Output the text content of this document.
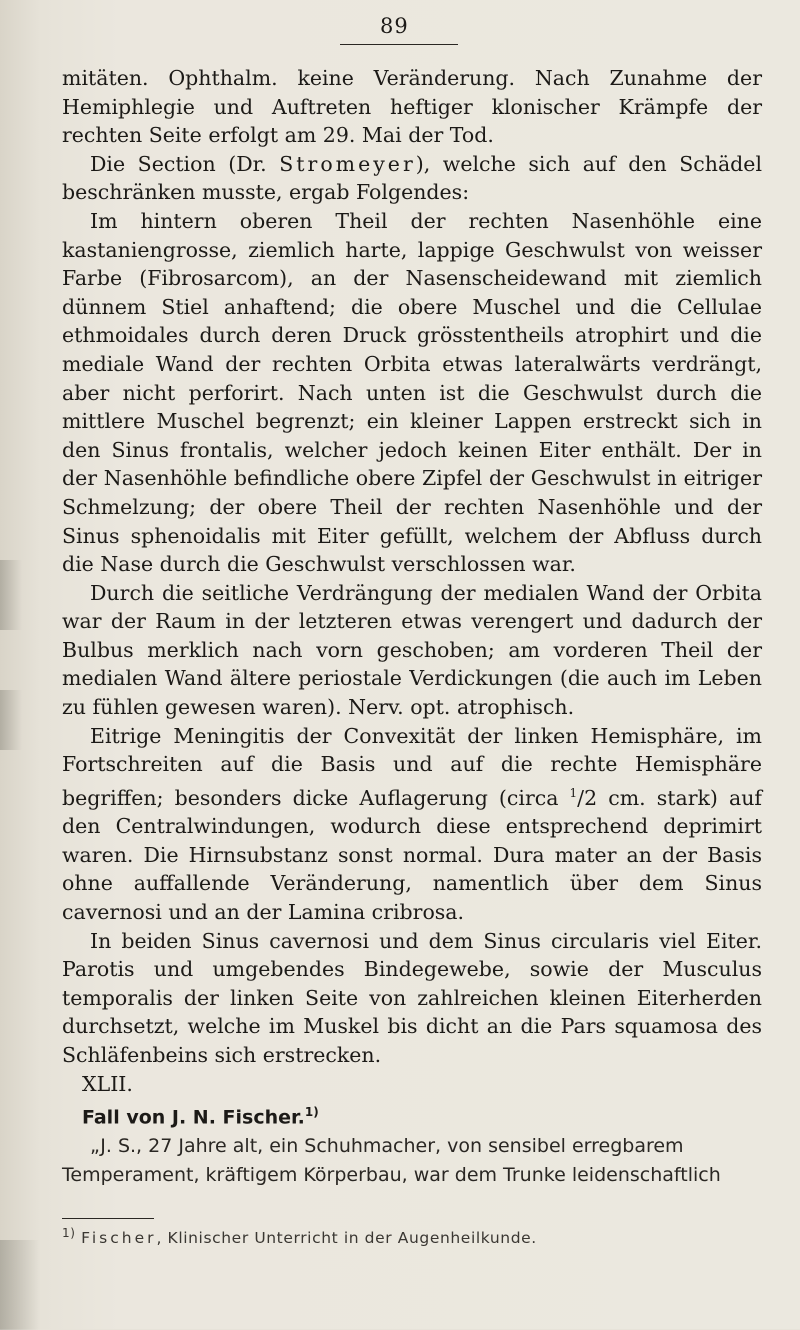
89

mitäten. Ophthalm. keine Veränderung. Nach Zunahme der Hemiphlegie und Auftreten heftiger klonischer Krämpfe der rechten Seite erfolgt am 29. Mai der Tod.

Die Section (Dr. Stromeyer), welche sich auf den Schädel beschränken musste, ergab Folgendes:

Im hintern oberen Theil der rechten Nasenhöhle eine kastaniengrosse, ziemlich harte, lappige Geschwulst von weisser Farbe (Fibrosarcom), an der Nasenscheidewand mit ziemlich dünnem Stiel anhaftend; die obere Muschel und die Cellulae ethmoidales durch deren Druck grösstentheils atrophirt und die mediale Wand der rechten Orbita etwas lateralwärts verdrängt, aber nicht perforirt. Nach unten ist die Geschwulst durch die mittlere Muschel begrenzt; ein kleiner Lappen erstreckt sich in den Sinus frontalis, welcher jedoch keinen Eiter enthält. Der in der Nasenhöhle befindliche obere Zipfel der Geschwulst in eitriger Schmelzung; der obere Theil der rechten Nasenhöhle und der Sinus sphenoidalis mit Eiter gefüllt, welchem der Abfluss durch die Nase durch die Geschwulst verschlossen war.

Durch die seitliche Verdrängung der medialen Wand der Orbita war der Raum in der letzteren etwas verengert und dadurch der Bulbus merklich nach vorn geschoben; am vorderen Theil der medialen Wand ältere periostale Verdickungen (die auch im Leben zu fühlen gewesen waren). Nerv. opt. atrophisch.

Eitrige Meningitis der Convexität der linken Hemisphäre, im Fortschreiten auf die Basis und auf die rechte Hemisphäre begriffen; besonders dicke Auflagerung (circa $^1$/2 cm. stark) auf den Centralwindungen, wodurch diese entsprechend deprimirt waren. Die Hirnsubstanz sonst normal. Dura mater an der Basis ohne auffallende Veränderung, namentlich über dem Sinus cavernosi und an der Lamina cribrosa.

In beiden Sinus cavernosi und dem Sinus circularis viel Eiter. Parotis und umgebendes Bindegewebe, sowie der Musculus temporalis der linken Seite von zahlreichen kleinen Eiterherden durchsetzt, welche im Muskel bis dicht an die Pars squamosa des Schläfenbeins sich erstrecken.

XLII.

Fall von J. N. Fischer.$^{1)}$

„J. S., 27 Jahre alt, ein Schuhmacher, von sensibel erregbarem

Temperament, kräftigem Körperbau, war dem Trunke leidenschaftlich

$^{1)}$ Fischer, Klinischer Unterricht in der Augenheilkunde.
